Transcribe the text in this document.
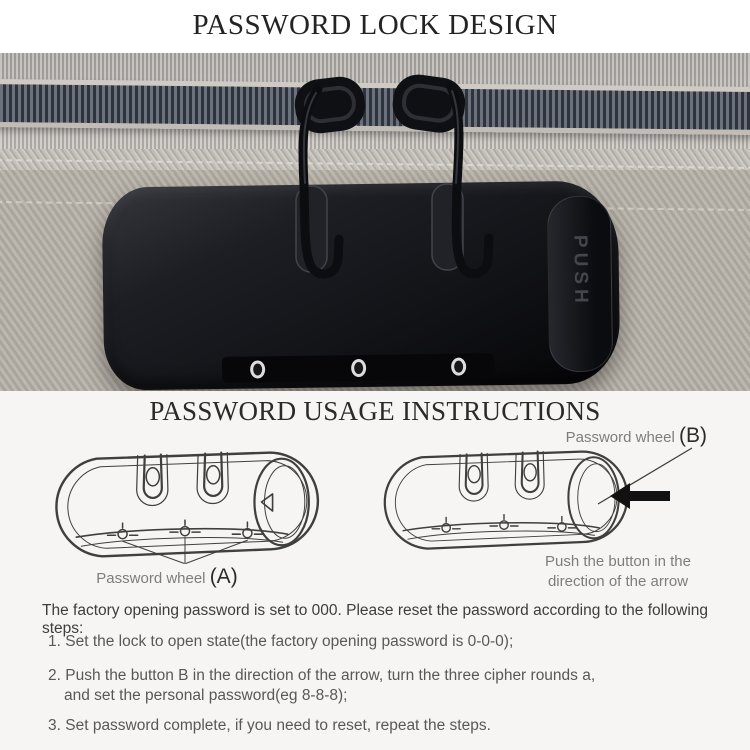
PASSWORD LOCK DESIGN
PUSH
PASSWORD USAGE INSTRUCTIONS
Password wheel (B)
Password wheel (A)
Push the button in the
direction of the arrow
The factory opening password is set to 000. Please reset the password according to the following steps:
1. Set the lock to open state(the factory opening password is 0-0-0);
2. Push the button B in the direction of the arrow, turn the three cipher rounds a,
and set the personal password(eg 8-8-8);
3. Set password complete, if you need to reset, repeat the steps.
